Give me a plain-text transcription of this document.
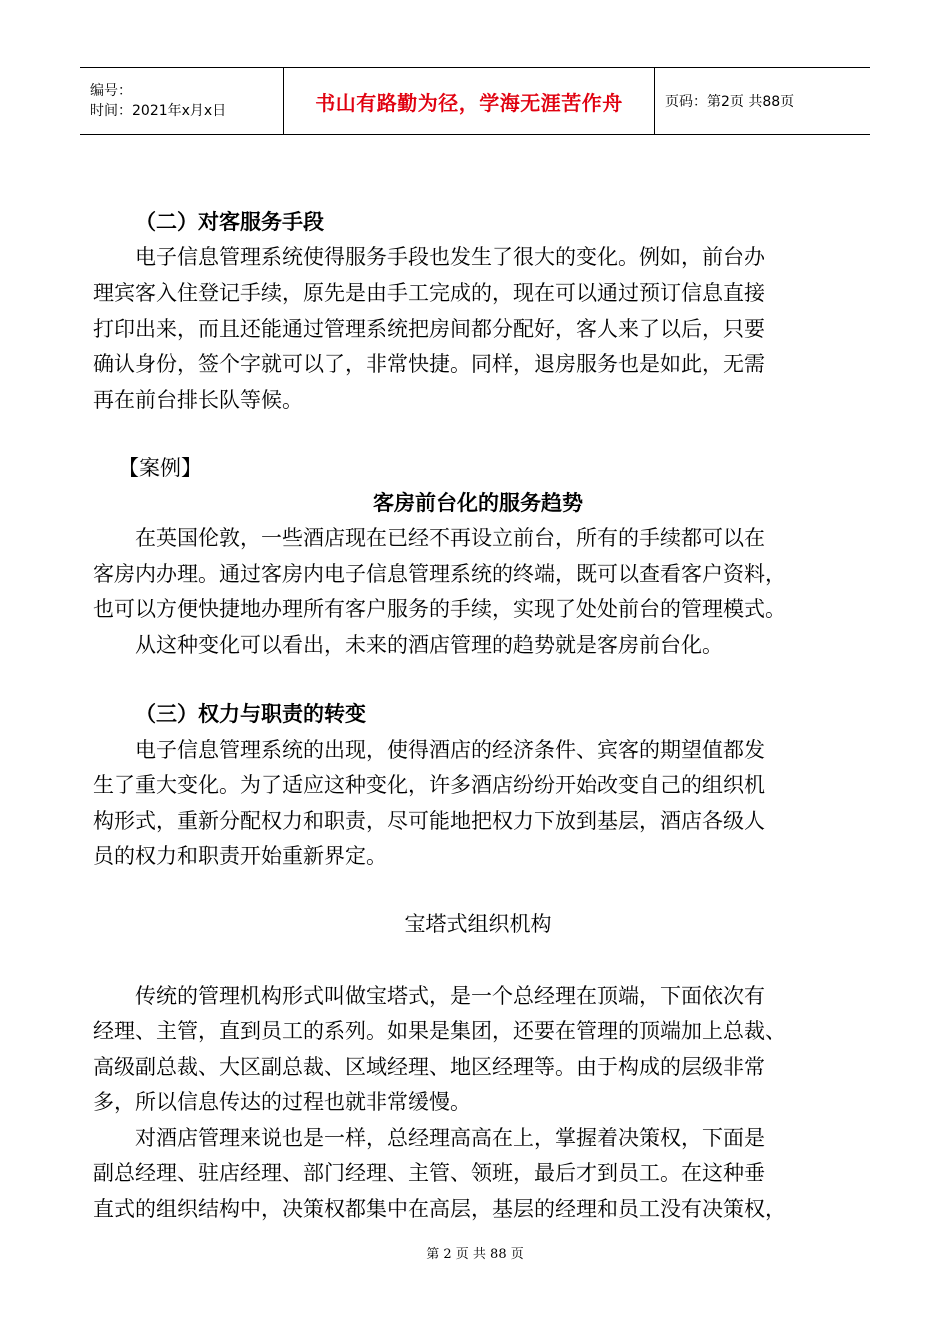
编号：
时间：2021年x月x日	书山有路勤为径，学海无涯苦作舟	页码：第2页 共88页
（二）对客服务手段
电子信息管理系统使得服务手段也发生了很大的变化。例如，前台办
理宾客入住登记手续，原先是由手工完成的，现在可以通过预订信息直接
打印出来，而且还能通过管理系统把房间都分配好，客人来了以后，只要
确认身份，签个字就可以了，非常快捷。同样，退房服务也是如此，无需
再在前台排长队等候。
【案例】
客房前台化的服务趋势
在英国伦敦，一些酒店现在已经不再设立前台，所有的手续都可以在
客房内办理。通过客房内电子信息管理系统的终端，既可以查看客户资料，
也可以方便快捷地办理所有客户服务的手续，实现了处处前台的管理模式。
从这种变化可以看出，未来的酒店管理的趋势就是客房前台化。
（三）权力与职责的转变
电子信息管理系统的出现，使得酒店的经济条件、宾客的期望值都发
生了重大变化。为了适应这种变化，许多酒店纷纷开始改变自己的组织机
构形式，重新分配权力和职责，尽可能地把权力下放到基层，酒店各级人
员的权力和职责开始重新界定。
宝塔式组织机构
传统的管理机构形式叫做宝塔式，是一个总经理在顶端，下面依次有
经理、主管，直到员工的系列。如果是集团，还要在管理的顶端加上总裁、
高级副总裁、大区副总裁、区域经理、地区经理等。由于构成的层级非常
多，所以信息传达的过程也就非常缓慢。
对酒店管理来说也是一样，总经理高高在上，掌握着决策权，下面是
副总经理、驻店经理、部门经理、主管、领班，最后才到员工。在这种垂
直式的组织结构中，决策权都集中在高层，基层的经理和员工没有决策权，
第 2 页 共 88 页
